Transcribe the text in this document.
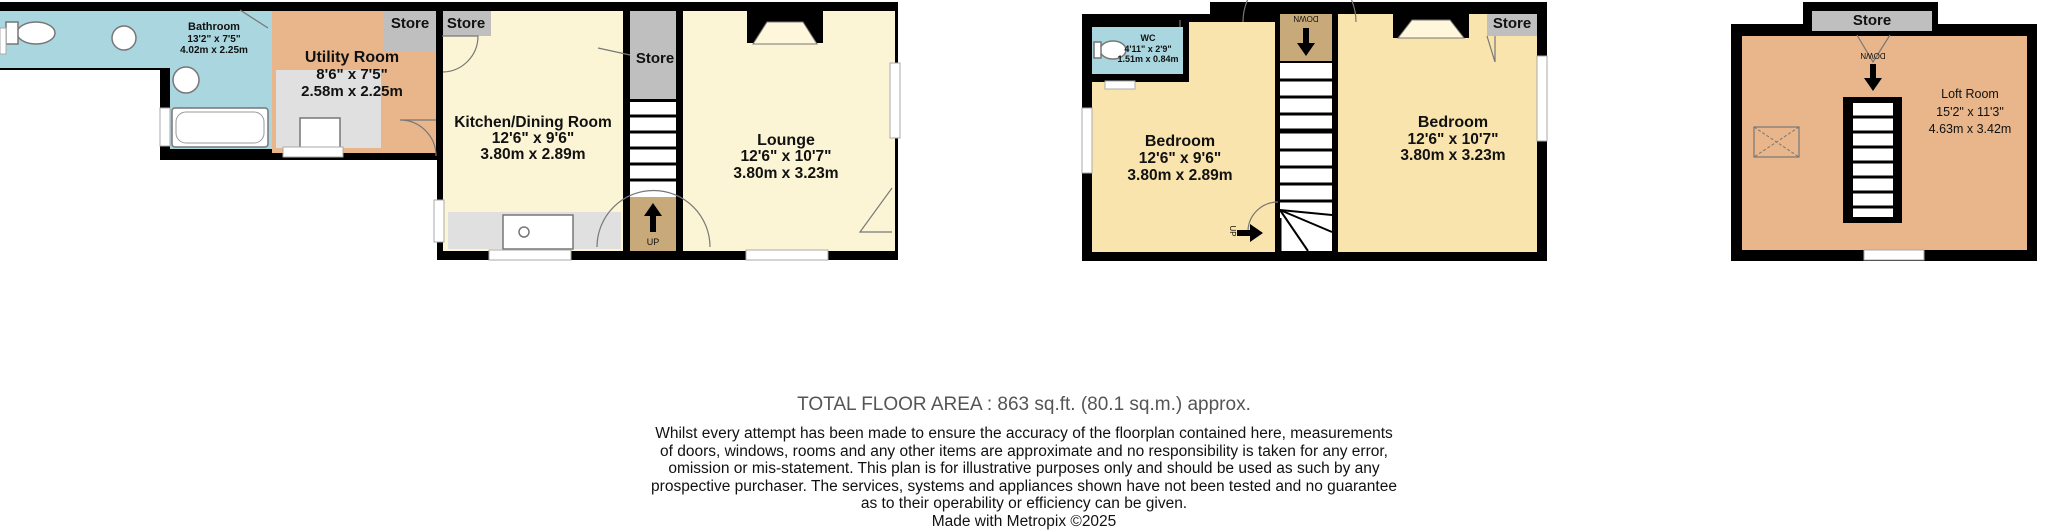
Store Store
Store
UP
Bathroom
13'2" x 7'5"
4.02m x 2.25m	Utility Room
8'6" x 7'5"
2.58m x 2.25m
Kitchen/Dining Room
12'6" x 9'6"
3.80m x 2.89m
Lounge
12'6" x 10'7"
3.80m x 3.23m
Store
DOWN
UP
WC
4'11" x 2'9"
1.51m x 0.84m
Bedroom
12'6" x 9'6"
3.80m x 2.89m
Bedroom
12'6" x 10'7"
3.80m x 3.23m
Store
DOWN
Loft Room
15'2" x 11'3"
4.63m x 3.42m
TOTAL FLOOR AREA : 863 sq.ft. (80.1 sq.m.) approx.
Whilst every attempt has been made to ensure the accuracy of the floorplan contained here, measurements
of doors, windows, rooms and any other items are approximate and no responsibility is taken for any error,
omission or mis-statement. This plan is for illustrative purposes only and should be used as such by any
prospective purchaser. The services, systems and appliances shown have not been tested and no guarantee
as to their operability or efficiency can be given.
Made with Metropix ©2025
